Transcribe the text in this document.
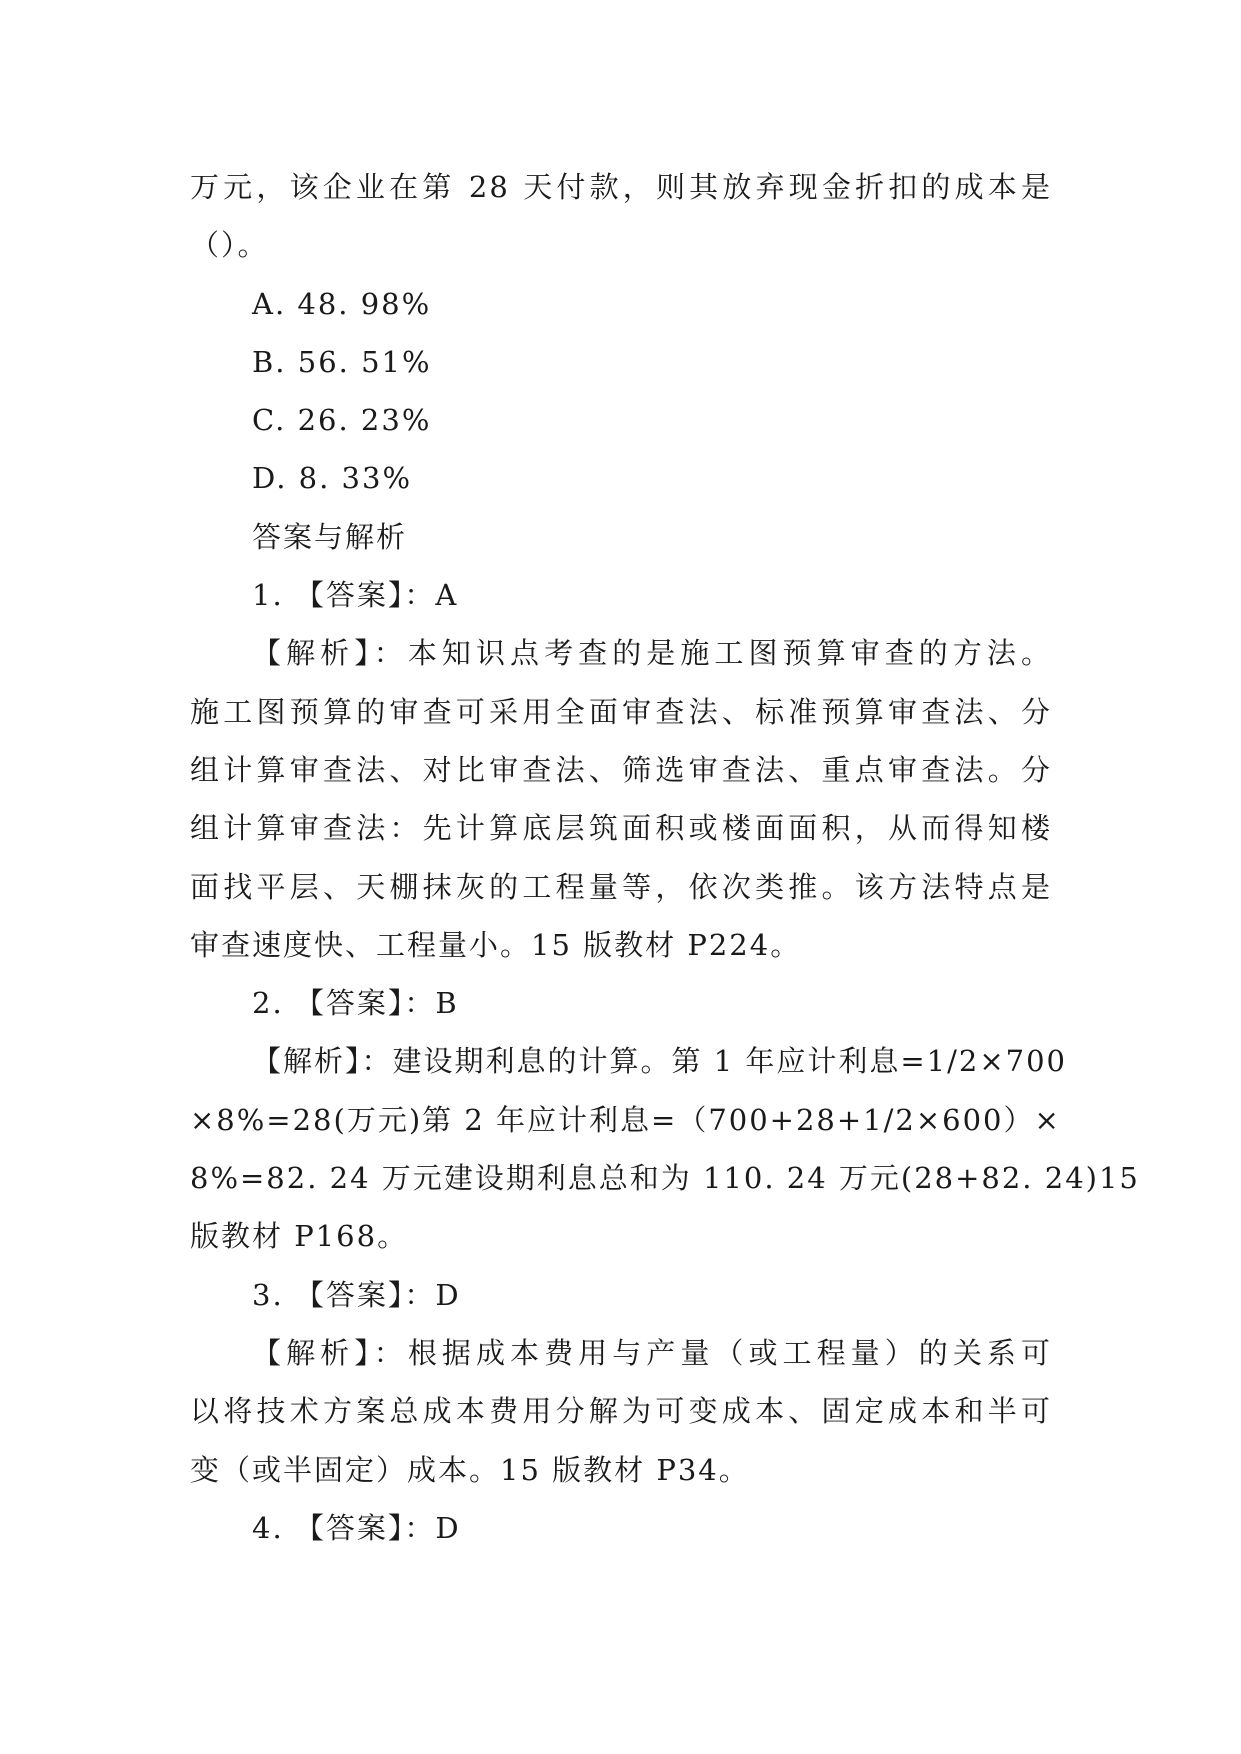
万元，该企业在第 28 天付款，则其放弃现金折扣的成本是
（）。
A. 48. 98%
B. 56. 51%
C. 26. 23%
D. 8. 33%
答案与解析
1. 【答案】：A
【解析】：本知识点考查的是施工图预算审查的方法。
施工图预算的审查可采用全面审查法、标准预算审查法、分
组计算审查法、对比审查法、筛选审查法、重点审查法。分
组计算审查法：先计算底层筑面积或楼面面积，从而得知楼
面找平层、天棚抹灰的工程量等，依次类推。该方法特点是
审查速度快、工程量小。15 版教材 P224。
2. 【答案】：B
【解析】：建设期利息的计算。第 1 年应计利息=1/2×700
×8%=28(万元)第 2 年应计利息=（700+28+1/2×600）×
8%=82. 24 万元建设期利息总和为 110. 24 万元(28+82. 24)15
版教材 P168。
3. 【答案】：D
【解析】：根据成本费用与产量（或工程量）的关系可
以将技术方案总成本费用分解为可变成本、固定成本和半可
变（或半固定）成本。15 版教材 P34。
4. 【答案】：D
